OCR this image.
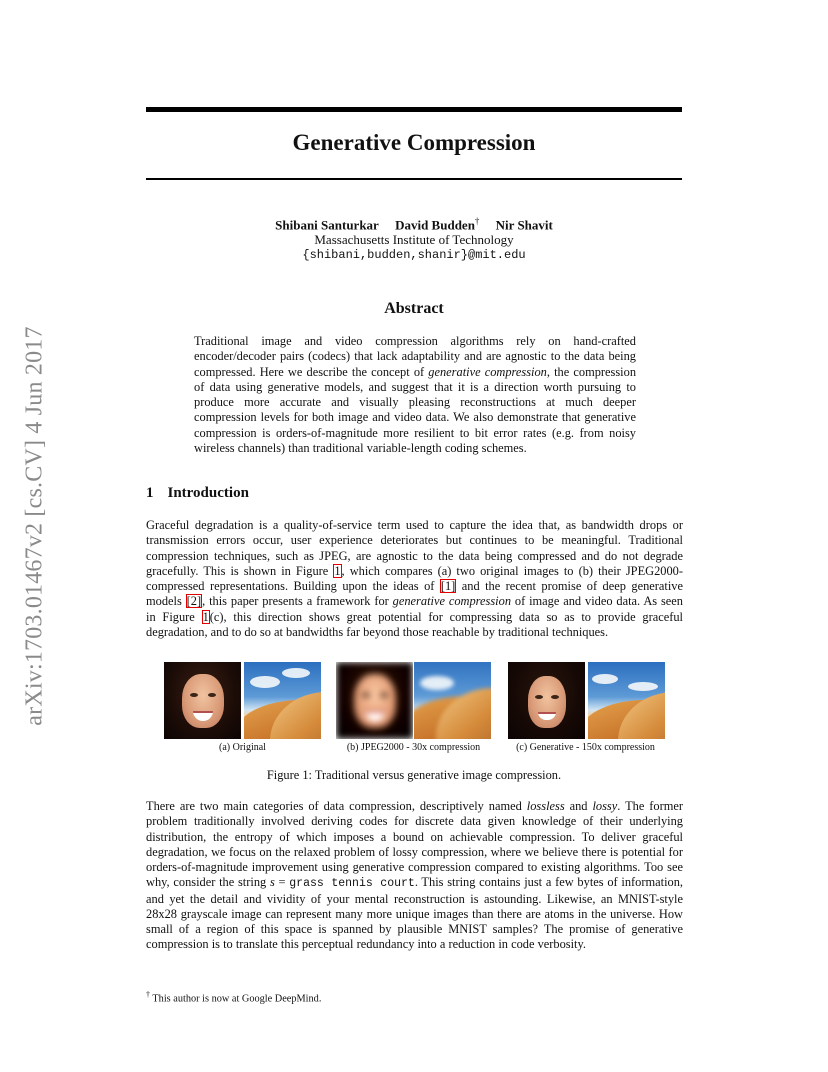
arXiv:1703.01467v2 [cs.CV] 4 Jun 2017
Generative Compression
Shibani Santurkar David Budden† Nir Shavit
Massachusetts Institute of Technology
{shibani,budden,shanir}@mit.edu
Abstract
Traditional image and video compression algorithms rely on hand-crafted encoder/decoder pairs (codecs) that lack adaptability and are agnostic to the data being compressed. Here we describe the concept of generative compression, the compression of data using generative models, and suggest that it is a direction worth pursuing to produce more accurate and visually pleasing reconstructions at much deeper compression levels for both image and video data. We also demonstrate that generative compression is orders-of-magnitude more resilient to bit error rates (e.g. from noisy wireless channels) than traditional variable-length coding schemes.
1 Introduction
Graceful degradation is a quality-of-service term used to capture the idea that, as bandwidth drops or transmission errors occur, user experience deteriorates but continues to be meaningful. Traditional compression techniques, such as JPEG, are agnostic to the data being compressed and do not degrade gracefully. This is shown in Figure 1, which compares (a) two original images to (b) their JPEG2000-compressed representations. Building upon the ideas of [1] and the recent promise of deep generative models [2], this paper presents a framework for generative compression of image and video data. As seen in Figure 1(c), this direction shows great potential for compressing data so as to provide graceful degradation, and to do so at bandwidths far beyond those reachable by traditional techniques.
(a) Original	(b) JPEG2000 - 30x compression	(c) Generative - 150x compression
Figure 1: Traditional versus generative image compression.
There are two main categories of data compression, descriptively named lossless and lossy. The former problem traditionally involved deriving codes for discrete data given knowledge of their underlying distribution, the entropy of which imposes a bound on achievable compression. To deliver graceful degradation, we focus on the relaxed problem of lossy compression, where we believe there is potential for orders-of-magnitude improvement using generative compression compared to existing algorithms. Too see why, consider the string s = grass tennis court. This string contains just a few bytes of information, and yet the detail and vividity of your mental reconstruction is astounding. Likewise, an MNIST-style 28x28 grayscale image can represent many more unique images than there are atoms in the universe. How small of a region of this space is spanned by plausible MNIST samples? The promise of generative compression is to translate this perceptual redundancy into a reduction in code verbosity.
† This author is now at Google DeepMind.
